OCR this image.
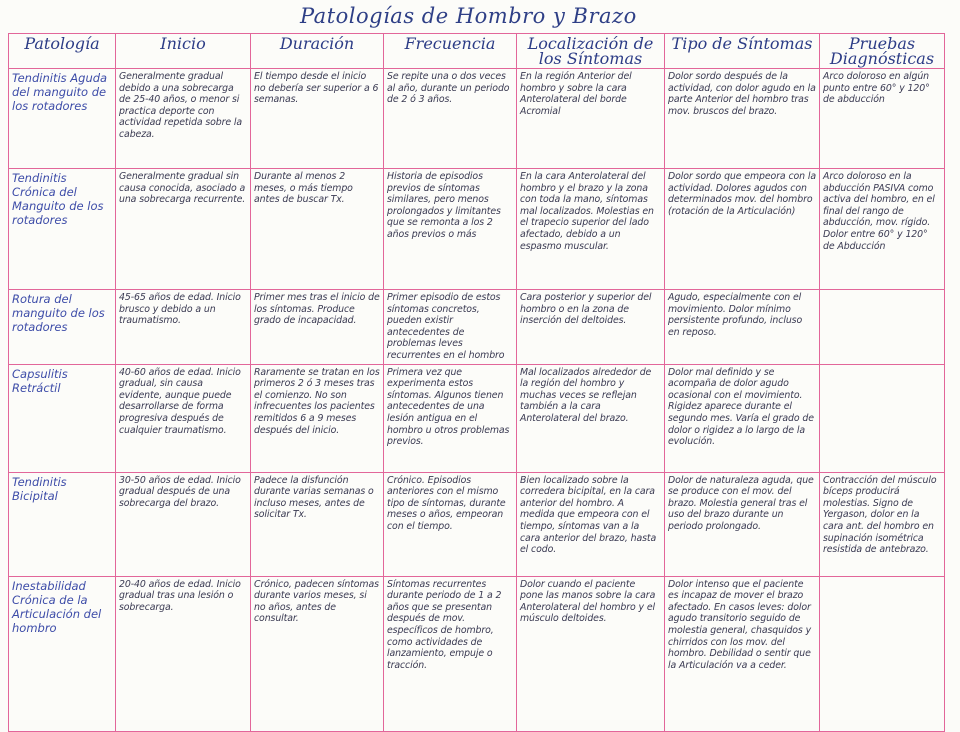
Patologías de Hombro y Brazo
Patología	Inicio	Duración	Frecuencia	Localización de los Síntomas	Tipo de Síntomas	Pruebas Diagnósticas
Tendinitis Aguda del manguito de los rotadores	Generalmente gradual debido a una sobrecarga de 25-40 años, o menor si practica deporte con actividad repetida sobre la cabeza.	El tiempo desde el inicio no debería ser superior a 6 semanas.	Se repite una o dos veces al año, durante un periodo de 2 ó 3 años.	En la región Anterior del hombro y sobre la cara Anterolateral del borde Acromial	Dolor sordo después de la actividad, con dolor agudo en la parte Anterior del hombro tras mov. bruscos del brazo.	Arco doloroso en algún punto entre 60° y 120° de abducción
Tendinitis Crónica del Manguito de los rotadores	Generalmente gradual sin causa conocida, asociado a una sobrecarga recurrente.	Durante al menos 2 meses, o más tiempo antes de buscar Tx.	Historia de episodios previos de síntomas similares, pero menos prolongados y limitantes que se remonta a los 2 años previos o más	En la cara Anterolateral del hombro y el brazo y la zona con toda la mano, síntomas mal localizados. Molestias en el trapecio superior del lado afectado, debido a un espasmo muscular.	Dolor sordo que empeora con la actividad. Dolores agudos con determinados mov. del hombro (rotación de la Articulación)	Arco doloroso en la abducción PASIVA como activa del hombro, en el final del rango de abducción, mov. rígido. Dolor entre 60° y 120° de Abducción
Rotura del manguito de los rotadores	45-65 años de edad. Inicio brusco y debido a un traumatismo.	Primer mes tras el inicio de los síntomas. Produce grado de incapacidad.	Primer episodio de estos síntomas concretos, pueden existir antecedentes de problemas leves recurrentes en el hombro	Cara posterior y superior del hombro o en la zona de inserción del deltoides.	Agudo, especialmente con el movimiento. Dolor mínimo persistente profundo, incluso en reposo.	
Capsulitis Retráctil	40-60 años de edad. Inicio gradual, sin causa evidente, aunque puede desarrollarse de forma progresiva después de cualquier traumatismo.	Raramente se tratan en los primeros 2 ó 3 meses tras el comienzo. No son infrecuentes los pacientes remitidos 6 a 9 meses después del inicio.	Primera vez que experimenta estos síntomas. Algunos tienen antecedentes de una lesión antigua en el hombro u otros problemas previos.	Mal localizados alrededor de la región del hombro y muchas veces se reflejan también a la cara Anterolateral del brazo.	Dolor mal definido y se acompaña de dolor agudo ocasional con el movimiento. Rigidez aparece durante el segundo mes. Varía el grado de dolor o rigidez a lo largo de la evolución.	
Tendinitis Bicipital	30-50 años de edad. Inicio gradual después de una sobrecarga del brazo.	Padece la disfunción durante varias semanas o incluso meses, antes de solicitar Tx.	Crónico. Episodios anteriores con el mismo tipo de síntomas, durante meses o años, empeoran con el tiempo.	Bien localizado sobre la corredera bicipital, en la cara anterior del hombro. A medida que empeora con el tiempo, síntomas van a la cara anterior del brazo, hasta el codo.	Dolor de naturaleza aguda, que se produce con el mov. del brazo. Molestia general tras el uso del brazo durante un periodo prolongado.	Contracción del músculo bíceps producirá molestias. Signo de Yergason, dolor en la cara ant. del hombro en supinación isométrica resistida de antebrazo.
Inestabilidad Crónica de la Articulación del hombro	20-40 años de edad. Inicio gradual tras una lesión o sobrecarga.	Crónico, padecen síntomas durante varios meses, si no años, antes de consultar.	Síntomas recurrentes durante periodo de 1 a 2 años que se presentan después de mov. específicos de hombro, como actividades de lanzamiento, empuje o tracción.	Dolor cuando el paciente pone las manos sobre la cara Anterolateral del hombro y el músculo deltoides.	Dolor intenso que el paciente es incapaz de mover el brazo afectado. En casos leves: dolor agudo transitorio seguido de molestia general, chasquidos y chirridos con los mov. del hombro. Debilidad o sentir que la Articulación va a ceder.	
